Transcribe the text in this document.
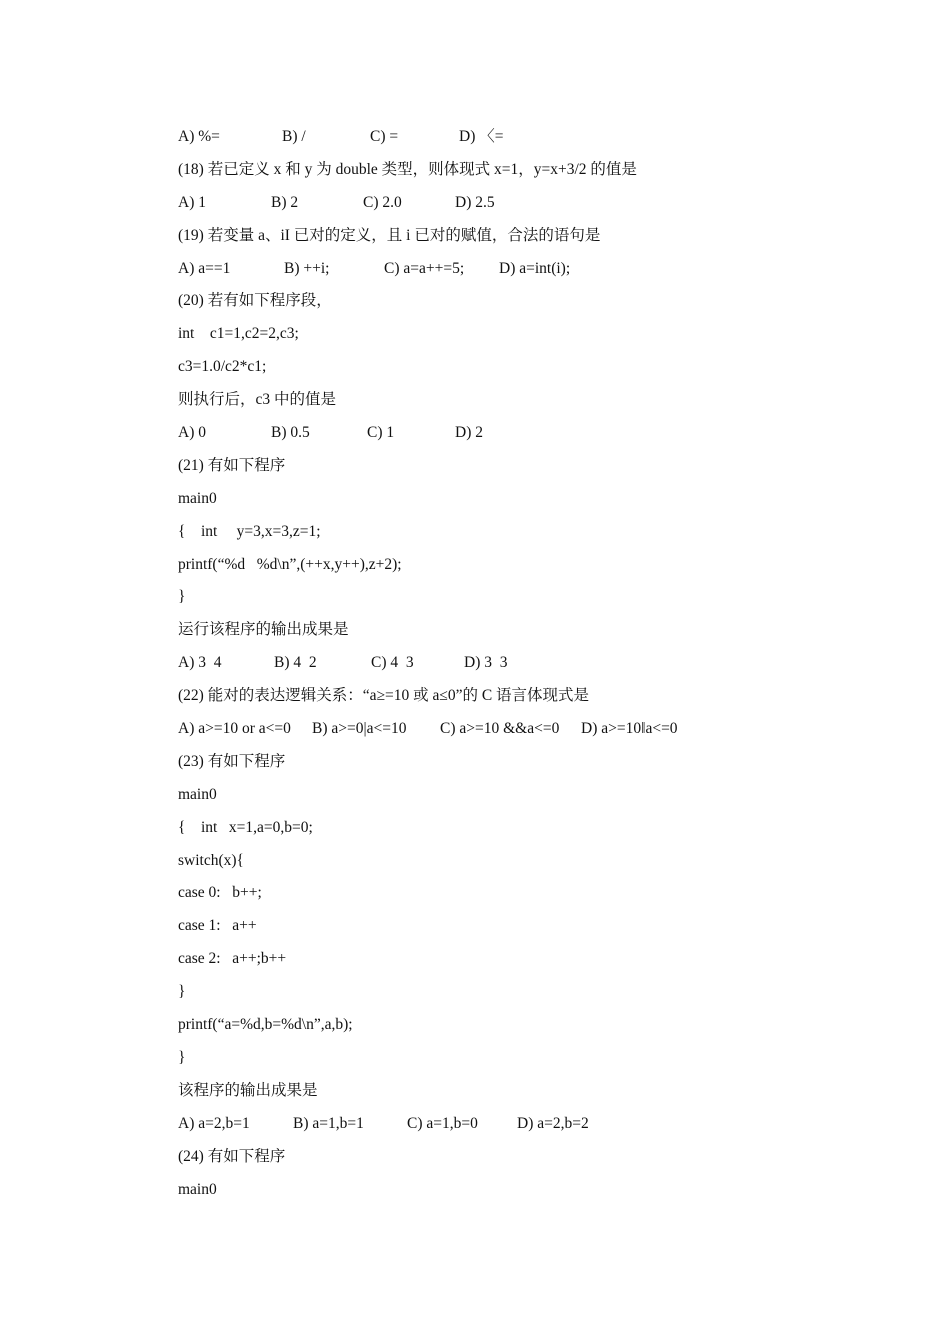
A) %=	B) /	C) =	D) 〈=
(18) 若已定义 x 和 y 为 double 类型，则体现式 x=1，y=x+3/2 的值是
A) 1	B) 2	C) 2.0	D) 2.5
(19) 若变量 a、iI 已对的定义，且 i 已对的赋值，合法的语句是
A) a==1	B) ++i;	C) a=a++=5; D) a=int(i);
(20) 若有如下程序段，
int    c1=1,c2=2,c3;
c3=1.0/c2*c1;
则执行后，c3 中的值是
A) 0	B) 0.5	C) 1	D) 2
(21) 有如下程序
main0
{    int     y=3,x=3,z=1;
printf(“%d   %d\n”,(++x,y++),z+2);
}
运行该程序的输出成果是
A) 3  4	B) 4  2	C) 4  3	D) 3  3
(22) 能对的表达逻辑关系：“a≥=10 或 a≤0”的 C 语言体现式是
A) a>=10 or a<=0 B) a>=0|a<=10 C) a>=10 &&a<=0 D) a>=10‖a<=0
(23) 有如下程序
main0
{    int   x=1,a=0,b=0;
switch(x){
case 0:   b++;
case 1:   a++
case 2:   a++;b++
}
printf(“a=%d,b=%d\n”,a,b);
}
该程序的输出成果是
A) a=2,b=1	B) a=1,b=1	C) a=1,b=0	D) a=2,b=2
(24) 有如下程序
main0
